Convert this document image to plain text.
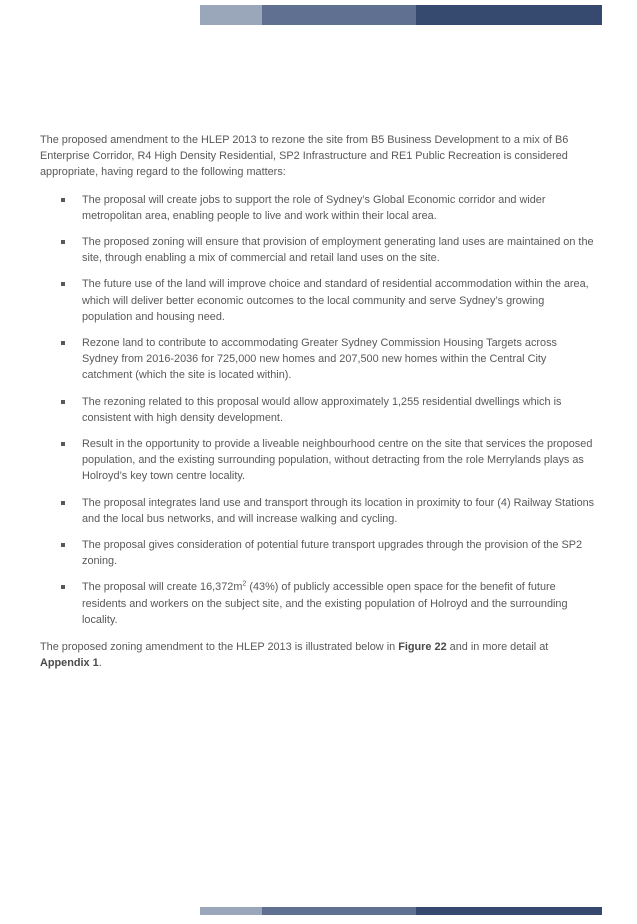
The proposed amendment to the HLEP 2013 to rezone the site from B5 Business Development to a mix of B6 Enterprise Corridor, R4 High Density Residential, SP2 Infrastructure and RE1 Public Recreation is considered appropriate, having regard to the following matters:

The proposal will create jobs to support the role of Sydney’s Global Economic corridor and wider metropolitan area, enabling people to live and work within their local area.
The proposed zoning will ensure that provision of employment generating land uses are maintained on the site, through enabling a mix of commercial and retail land uses on the site.
The future use of the land will improve choice and standard of residential accommodation within the area, which will deliver better economic outcomes to the local community and serve Sydney’s growing population and housing need.
Rezone land to contribute to accommodating Greater Sydney Commission Housing Targets across Sydney from 2016-2036 for 725,000 new homes and 207,500 new homes within the Central City catchment (which the site is located within).
The rezoning related to this proposal would allow approximately 1,255 residential dwellings which is consistent with high density development.
Result in the opportunity to provide a liveable neighbourhood centre on the site that services the proposed population, and the existing surrounding population, without detracting from the role Merrylands plays as Holroyd’s key town centre locality.
The proposal integrates land use and transport through its location in proximity to four (4) Railway Stations and the local bus networks, and will increase walking and cycling.
The proposal gives consideration of potential future transport upgrades through the provision of the SP2 zoning.
The proposal will create $16,372m^2$ (43%) of publicly accessible open space for the benefit of future residents and workers on the subject site, and the existing population of Holroyd and the surrounding locality.

The proposed zoning amendment to the HLEP 2013 is illustrated below in Figure 22 and in more detail at Appendix 1.
